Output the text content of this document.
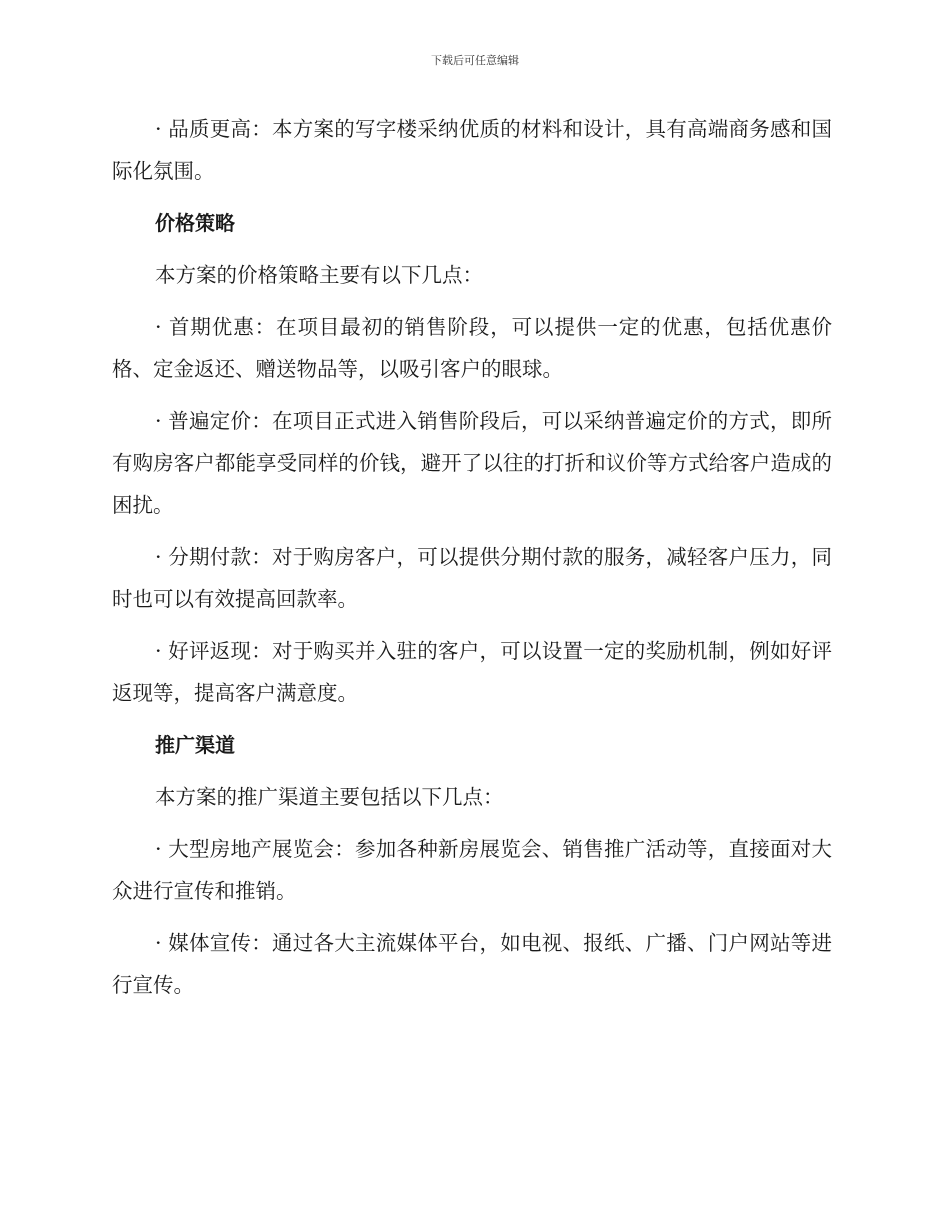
下载后可任意编辑

· 品质更高：本方案的写字楼采纳优质的材料和设计，具有高端商务感和国际化氛围。

价格策略

本方案的价格策略主要有以下几点：

· 首期优惠：在项目最初的销售阶段，可以提供一定的优惠，包括优惠价格、定金返还、赠送物品等，以吸引客户的眼球。

· 普遍定价：在项目正式进入销售阶段后，可以采纳普遍定价的方式，即所有购房客户都能享受同样的价钱，避开了以往的打折和议价等方式给客户造成的困扰。

· 分期付款：对于购房客户，可以提供分期付款的服务，减轻客户压力，同时也可以有效提高回款率。

· 好评返现：对于购买并入驻的客户，可以设置一定的奖励机制，例如好评返现等，提高客户满意度。

推广渠道

本方案的推广渠道主要包括以下几点：

· 大型房地产展览会：参加各种新房展览会、销售推广活动等，直接面对大众进行宣传和推销。

· 媒体宣传：通过各大主流媒体平台，如电视、报纸、广播、门户网站等进行宣传。
